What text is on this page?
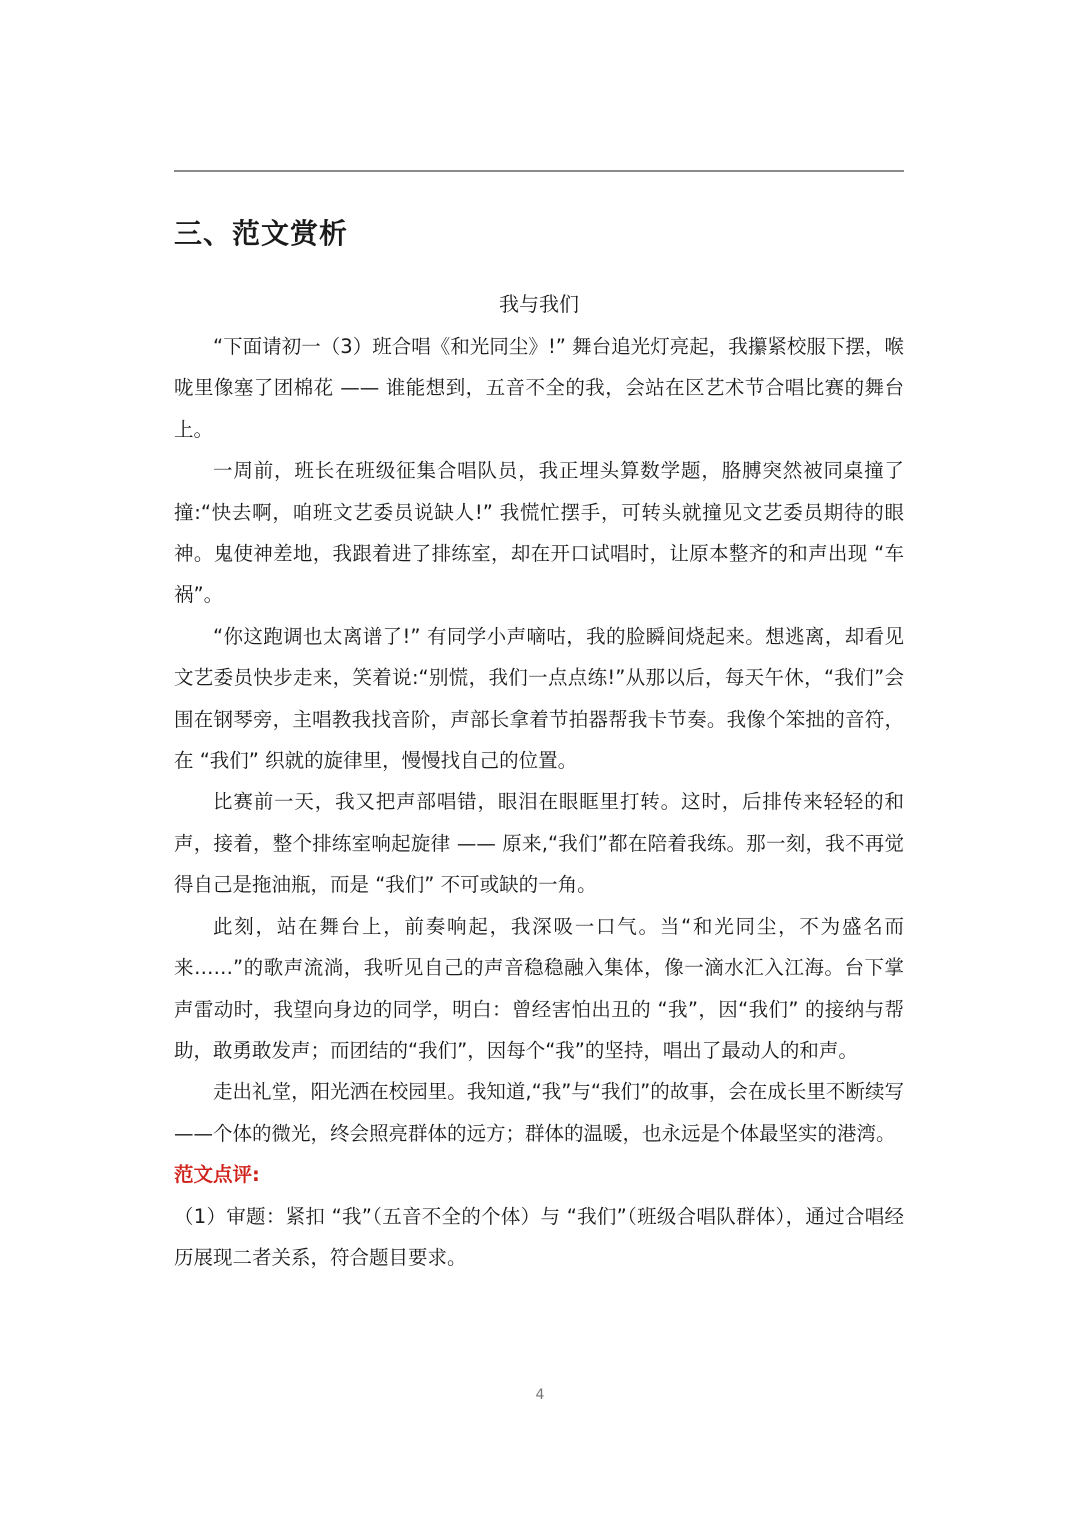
三、范文赏析
我与我们

“下面请初一（3）班合唱《和光同尘》!” 舞台追光灯亮起，我攥紧校服下摆，喉咙里像塞了团棉花 —— 谁能想到，五音不全的我，会站在区艺术节合唱比赛的舞台上。

一周前，班长在班级征集合唱队员，我正埋头算数学题，胳膊突然被同桌撞了撞:“快去啊，咱班文艺委员说缺人!” 我慌忙摆手，可转头就撞见文艺委员期待的眼神。鬼使神差地，我跟着进了排练室，却在开口试唱时，让原本整齐的和声出现 “车祸”。

“你这跑调也太离谱了!” 有同学小声嘀咕，我的脸瞬间烧起来。想逃离，却看见文艺委员快步走来，笑着说:“别慌，我们一点点练!”从那以后，每天午休，“我们”会围在钢琴旁，主唱教我找音阶，声部长拿着节拍器帮我卡节奏。我像个笨拙的音符，在 “我们” 织就的旋律里，慢慢找自己的位置。

比赛前一天，我又把声部唱错，眼泪在眼眶里打转。这时，后排传来轻轻的和声，接着，整个排练室响起旋律 —— 原来,“我们”都在陪着我练。那一刻，我不再觉得自己是拖油瓶，而是 “我们” 不可或缺的一角。

此刻，站在舞台上，前奏响起，我深吸一口气。当“和光同尘，不为盛名而来……”的歌声流淌，我听见自己的声音稳稳融入集体，像一滴水汇入江海。台下掌声雷动时，我望向身边的同学，明白：曾经害怕出丑的 “我”，因“我们” 的接纳与帮助，敢勇敢发声；而团结的“我们”，因每个“我”的坚持，唱出了最动人的和声。

走出礼堂，阳光洒在校园里。我知道,“我”与“我们”的故事，会在成长里不断续写——个体的微光，终会照亮群体的远方；群体的温暖，也永远是个体最坚实的港湾。

范文点评:

（1）审题：紧扣 “我”（五音不全的个体）与 “我们”（班级合唱队群体），通过合唱经历展现二者关系，符合题目要求。

4
